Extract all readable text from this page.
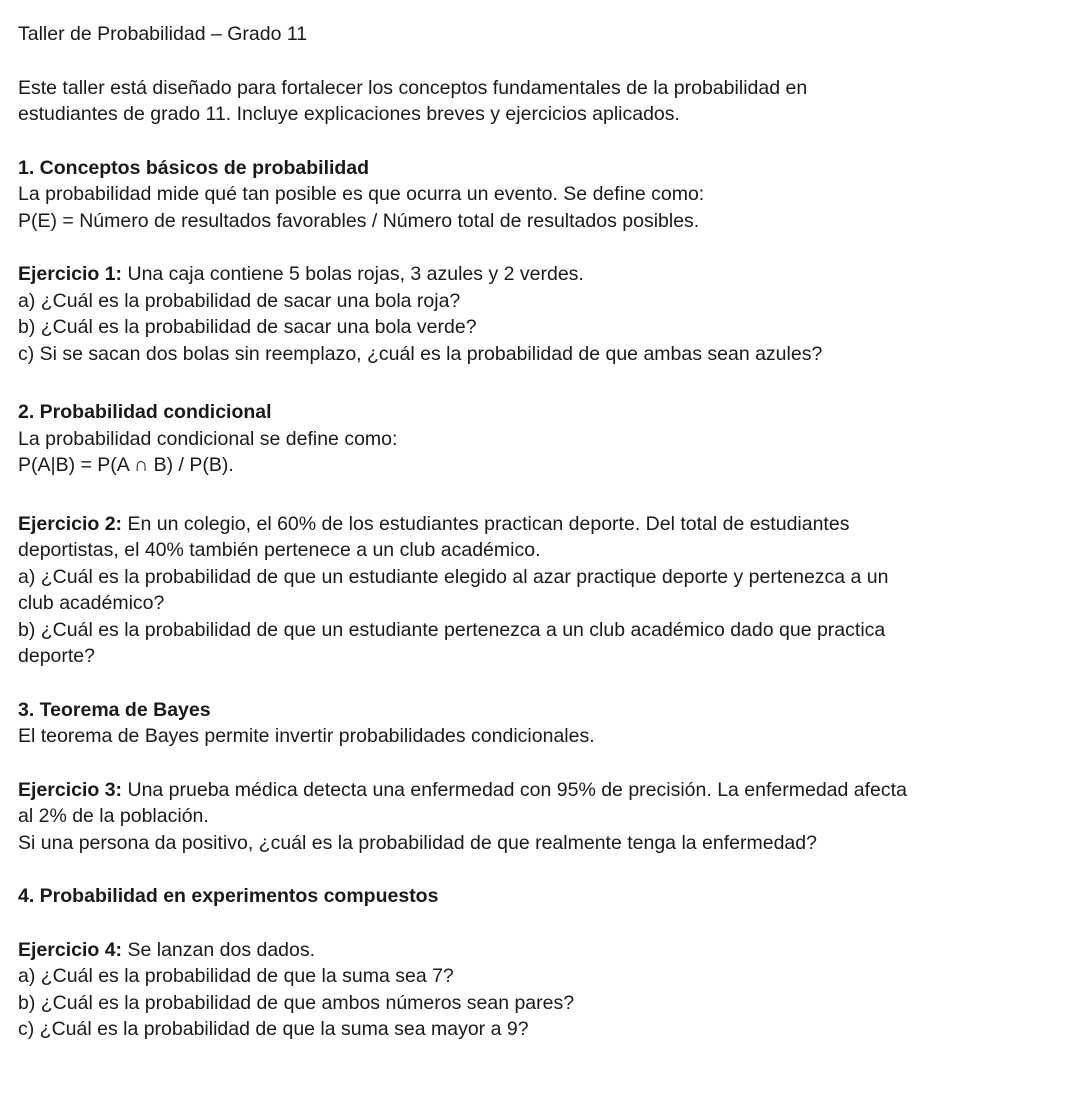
Taller de Probabilidad – Grado 11
Este taller está diseñado para fortalecer los conceptos fundamentales de la probabilidad en
estudiantes de grado 11. Incluye explicaciones breves y ejercicios aplicados.
1. Conceptos básicos de probabilidad
La probabilidad mide qué tan posible es que ocurra un evento. Se define como:
P(E) = Número de resultados favorables / Número total de resultados posibles.
Ejercicio 1: Una caja contiene 5 bolas rojas, 3 azules y 2 verdes.
a) ¿Cuál es la probabilidad de sacar una bola roja?
b) ¿Cuál es la probabilidad de sacar una bola verde?
c) Si se sacan dos bolas sin reemplazo, ¿cuál es la probabilidad de que ambas sean azules?
2. Probabilidad condicional
La probabilidad condicional se define como:
P(A|B) = P(A ∩ B) / P(B).
Ejercicio 2: En un colegio, el 60% de los estudiantes practican deporte. Del total de estudiantes
deportistas, el 40% también pertenece a un club académico.
a) ¿Cuál es la probabilidad de que un estudiante elegido al azar practique deporte y pertenezca a un
club académico?
b) ¿Cuál es la probabilidad de que un estudiante pertenezca a un club académico dado que practica
deporte?
3. Teorema de Bayes
El teorema de Bayes permite invertir probabilidades condicionales.
Ejercicio 3: Una prueba médica detecta una enfermedad con 95% de precisión. La enfermedad afecta
al 2% de la población.
Si una persona da positivo, ¿cuál es la probabilidad de que realmente tenga la enfermedad?
4. Probabilidad en experimentos compuestos
Ejercicio 4: Se lanzan dos dados.
a) ¿Cuál es la probabilidad de que la suma sea 7?
b) ¿Cuál es la probabilidad de que ambos números sean pares?
c) ¿Cuál es la probabilidad de que la suma sea mayor a 9?
